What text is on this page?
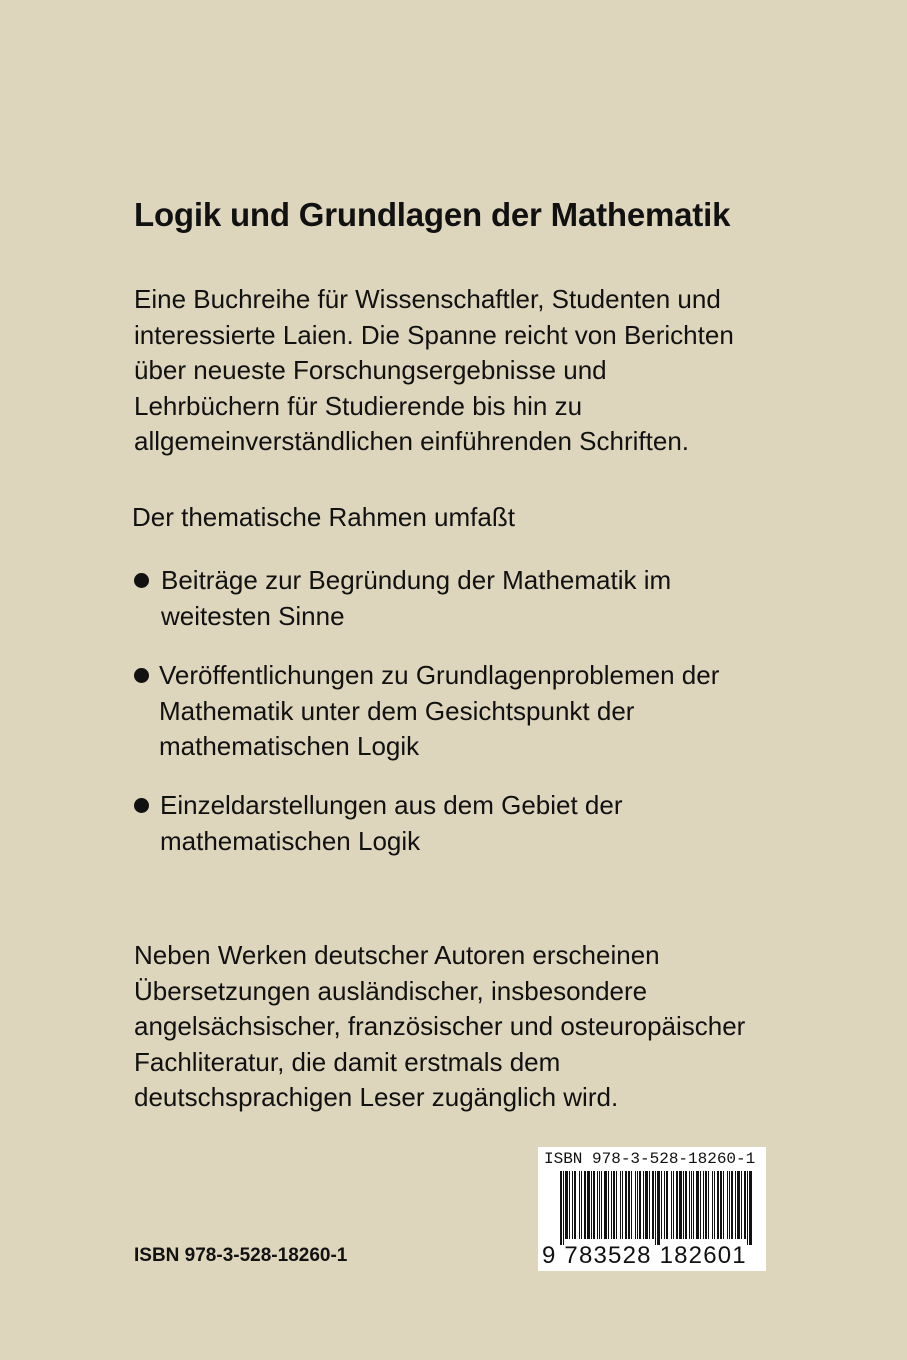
Logik und Grundlagen der Mathematik

Eine Buchreihe für Wissenschaftler, Studenten und
interessierte Laien. Die Spanne reicht von Berichten
über neueste Forschungsergebnisse und
Lehrbüchern für Studierende bis hin zu
allgemeinverständlichen einführenden Schriften.

Der thematische Rahmen umfaßt

Beiträge zur Begründung der Mathematik im
weitesten Sinne
Veröffentlichungen zu Grundlagenproblemen der
Mathematik unter dem Gesichtspunkt der
mathematischen Logik
Einzeldarstellungen aus dem Gebiet der
mathematischen Logik

Neben Werken deutscher Autoren erscheinen
Übersetzungen ausländischer, insbesondere
angelsächsischer, französischer und osteuropäischer
Fachliteratur, die damit erstmals dem
deutschsprachigen Leser zugänglich wird.

ISBN 978-3-528-18260-1
ISBN 978-3-528-18260-1
9 783528 182601
